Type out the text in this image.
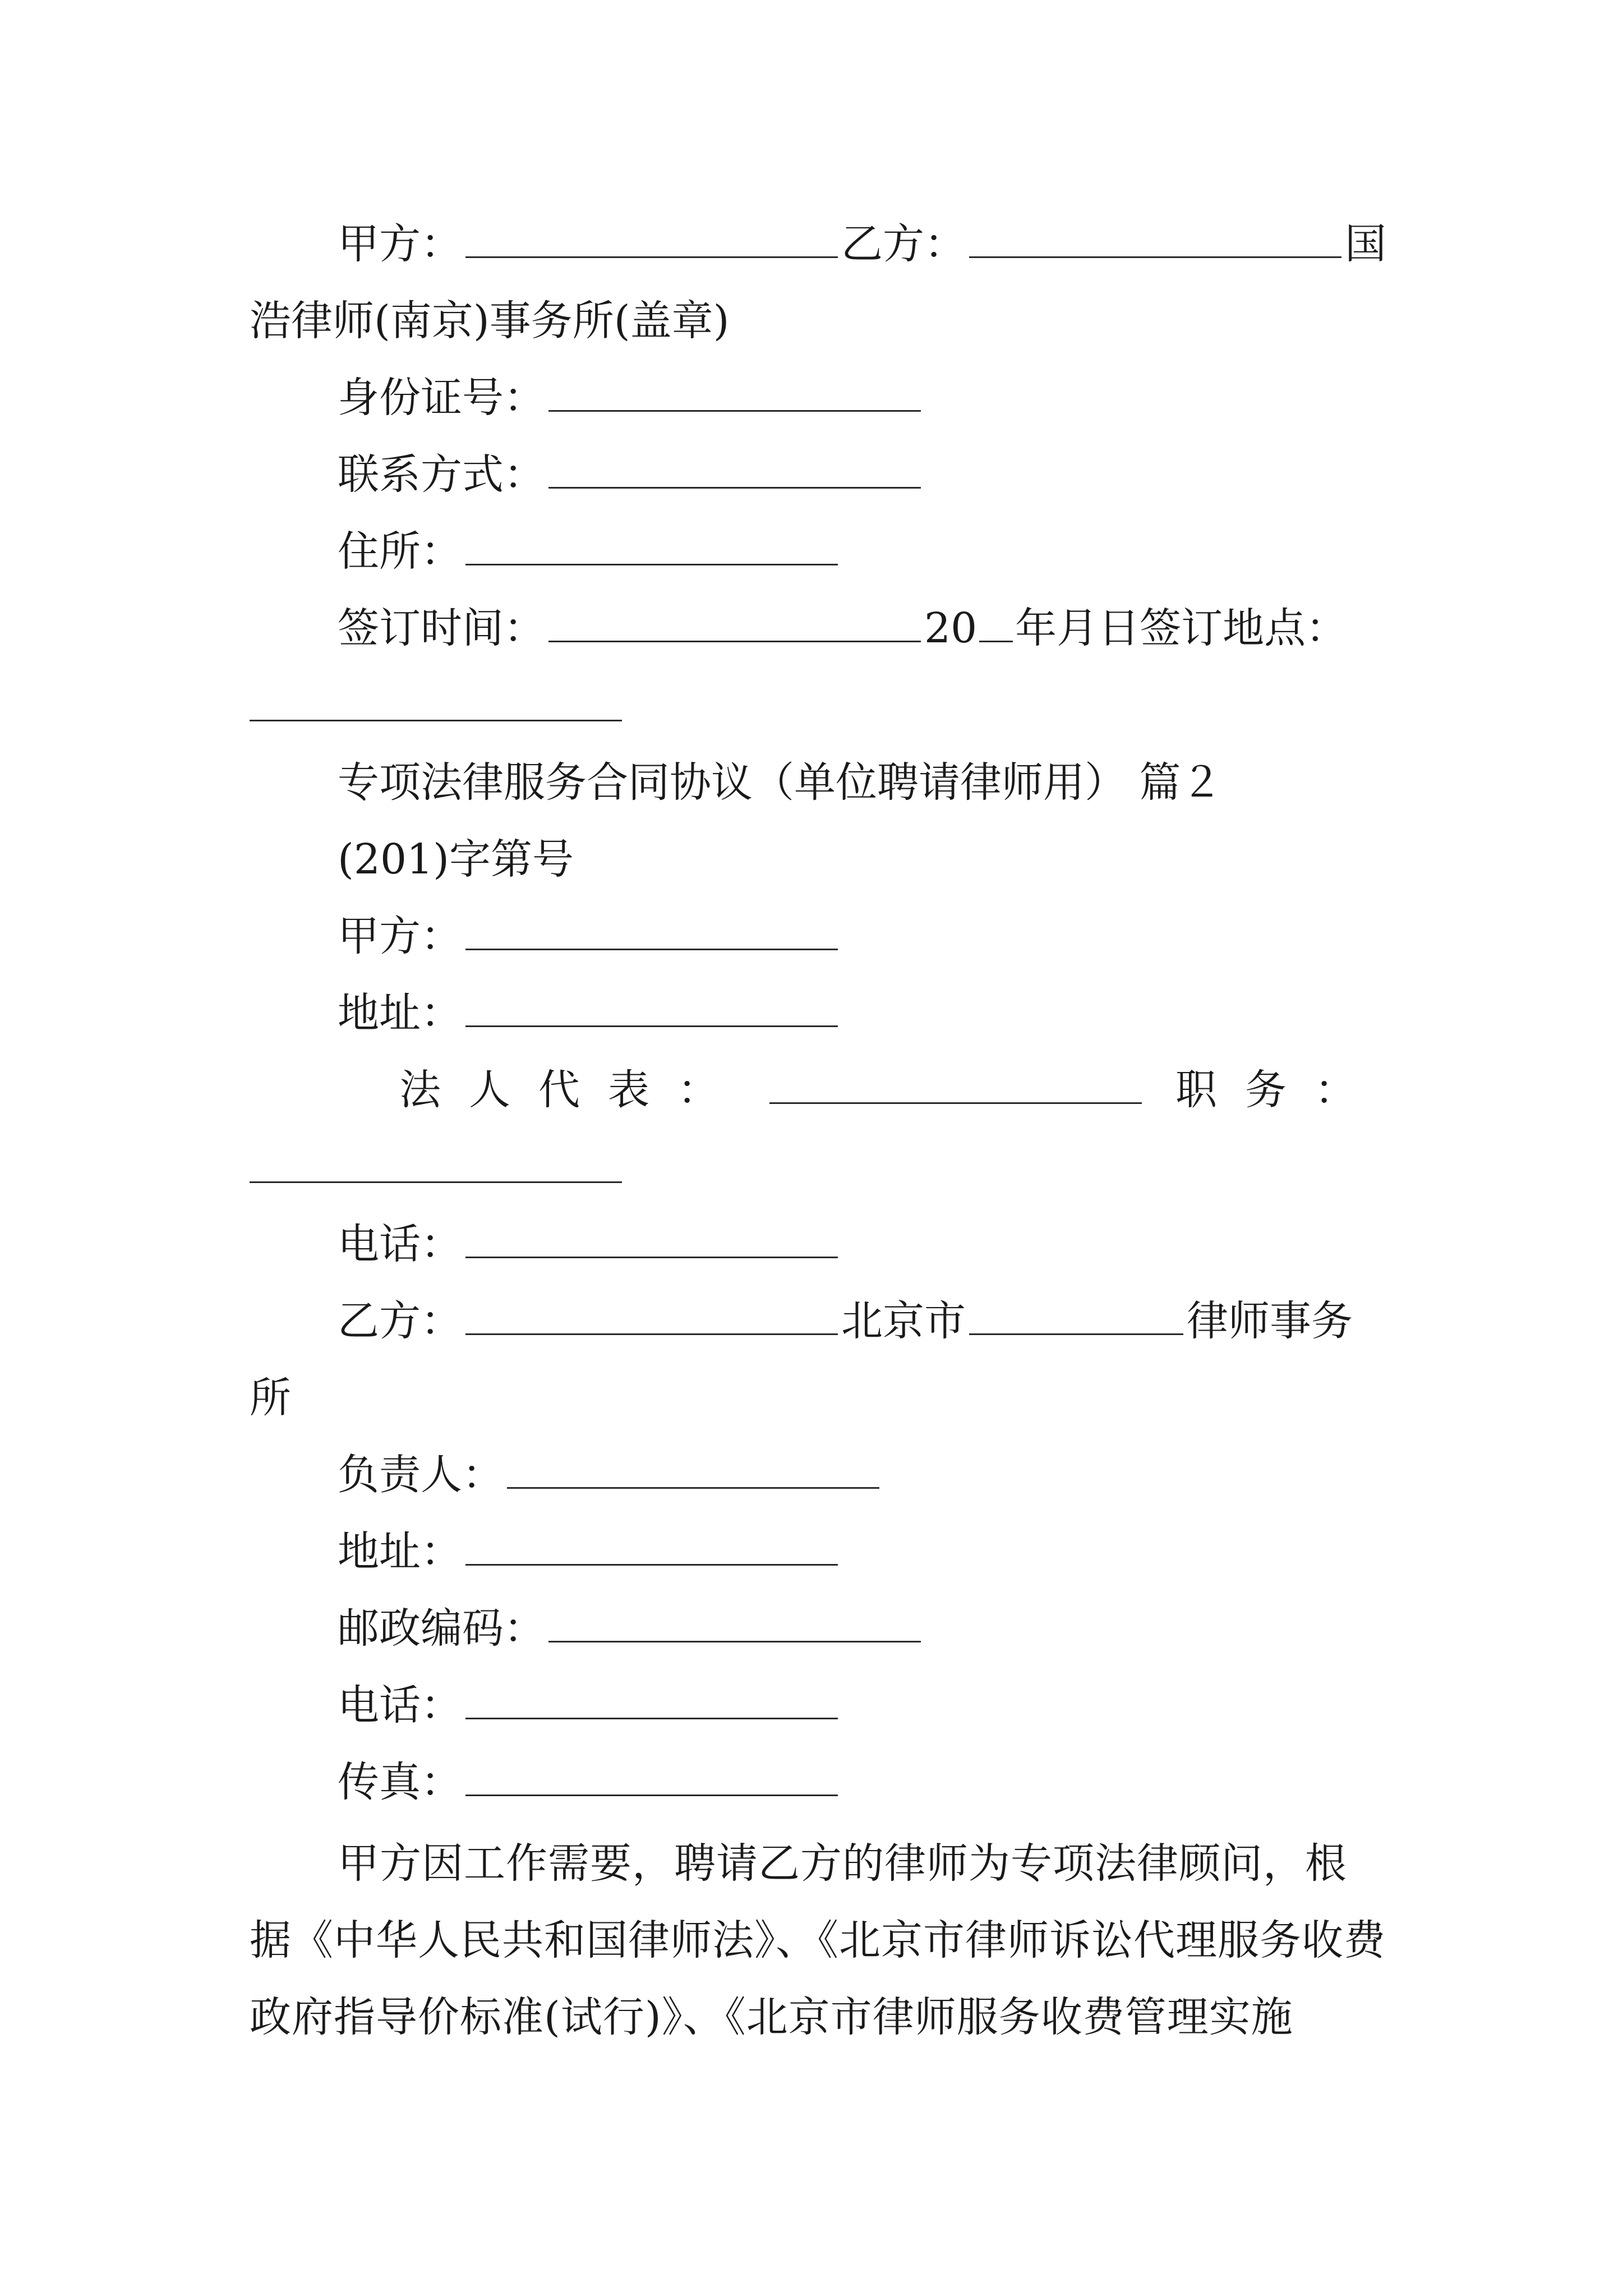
甲方：	乙方：	国
浩律师(南京)事务所(盖章)
身份证号：
联系方式：
住所：
签订时间：	20 年月日签订地点：
专项法律服务合同协议（单位聘请律师用） 篇２
(201)字第号
甲方：
地址：
法人代表：	职务：
电话：
乙方：	北京市	律师事务
所
负责人：
地址：
邮政编码：
电话：
传真：
甲方因工作需要，聘请乙方的律师为专项法律顾问，根据《中华人民共和国律师法》、《北京市律师诉讼代理服务收费政府指导价标准(试行)》、《北京市律师服务收费管理实施
